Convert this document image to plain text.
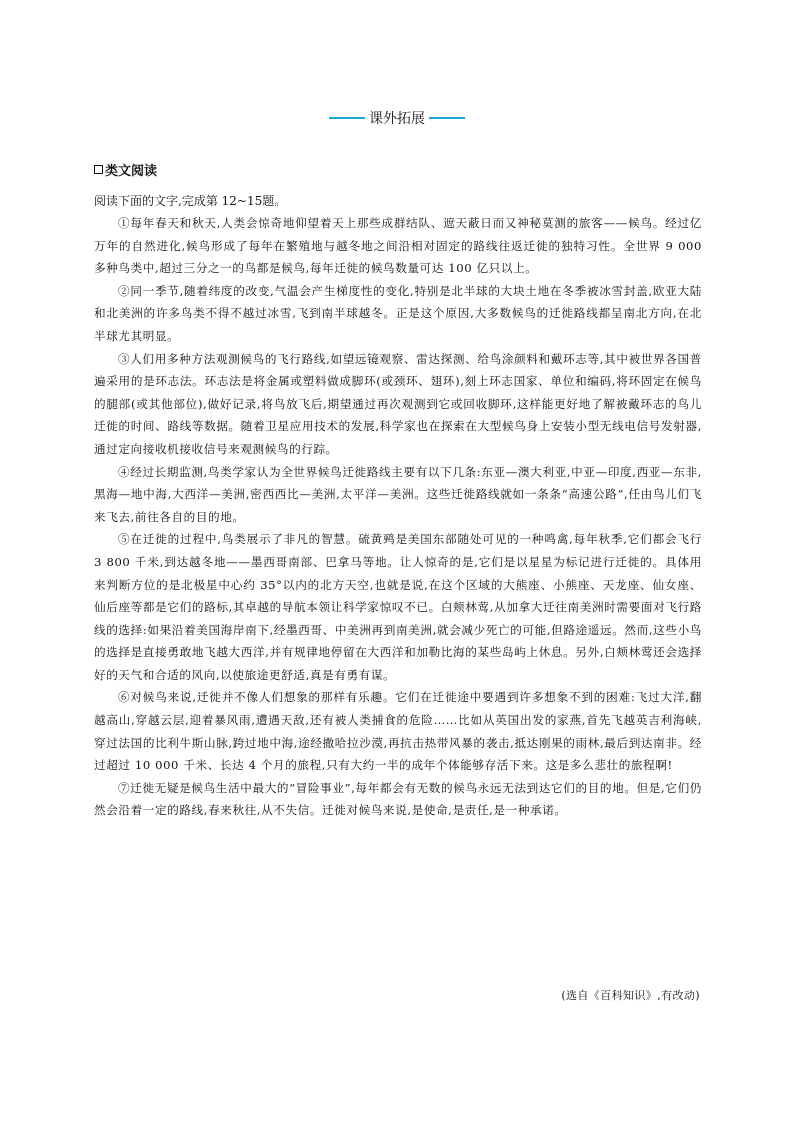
课外拓展
类文阅读
阅读下面的文字,完成第 12~15题。

①每年春天和秋天,人类会惊奇地仰望着天上那些成群结队、遮天蔽日而又神秘莫测的旅客——候鸟。经过亿万年的自然进化,候鸟形成了每年在繁殖地与越冬地之间沿相对固定的路线往返迁徙的独特习性。全世界 9 000 多种鸟类中,超过三分之一的鸟都是候鸟,每年迁徙的候鸟数量可达 100 亿只以上。

②同一季节,随着纬度的改变,气温会产生梯度性的变化,特别是北半球的大块土地在冬季被冰雪封盖,欧亚大陆和北美洲的许多鸟类不得不越过冰雪,飞到南半球越冬。正是这个原因,大多数候鸟的迁徙路线都呈南北方向,在北半球尤其明显。

③人们用多种方法观测候鸟的飞行路线,如望远镜观察、雷达探测、给鸟涂颜料和戴环志等,其中被世界各国普遍采用的是环志法。环志法是将金属或塑料做成脚环(或颈环、翅环),刻上环志国家、单位和编码,将环固定在候鸟的腿部(或其他部位),做好记录,将鸟放飞后,期望通过再次观测到它或回收脚环,这样能更好地了解被戴环志的鸟儿迁徙的时间、路线等数据。随着卫星应用技术的发展,科学家也在探索在大型候鸟身上安装小型无线电信号发射器,通过定向接收机接收信号来观测候鸟的行踪。

④经过长期监测,鸟类学家认为全世界候鸟迁徙路线主要有以下几条:东亚—澳大利亚,中亚—印度,西亚—东非,黑海—地中海,大西洋—美洲,密西西比—美洲,太平洋—美洲。这些迁徙路线就如一条条“高速公路”,任由鸟儿们飞来飞去,前往各自的目的地。

⑤在迁徙的过程中,鸟类展示了非凡的智慧。硫黄鹀是美国东部随处可见的一种鸣禽,每年秋季,它们都会飞行 3 800 千米,到达越冬地——墨西哥南部、巴拿马等地。让人惊奇的是,它们是以星星为标记进行迁徙的。具体用来判断方位的是北极星中心约 35°以内的北方天空,也就是说,在这个区域的大熊座、小熊座、天龙座、仙女座、仙后座等都是它们的路标,其卓越的导航本领让科学家惊叹不已。白颊林莺,从加拿大迁往南美洲时需要面对飞行路线的选择:如果沿着美国海岸南下,经墨西哥、中美洲再到南美洲,就会减少死亡的可能,但路途遥远。然而,这些小鸟的选择是直接勇敢地飞越大西洋,并有规律地停留在大西洋和加勒比海的某些岛屿上休息。另外,白颊林莺还会选择好的天气和合适的风向,以使旅途更舒适,真是有勇有谋。

⑥对候鸟来说,迁徙并不像人们想象的那样有乐趣。它们在迁徙途中要遇到许多想象不到的困难:飞过大洋,翻越高山,穿越云层,迎着暴风雨,遭遇天敌,还有被人类捕食的危险……比如从英国出发的家燕,首先飞越英吉利海峡,穿过法国的比利牛斯山脉,跨过地中海,途经撒哈拉沙漠,再抗击热带风暴的袭击,抵达刚果的雨林,最后到达南非。经过超过 10 000 千米、长达 4 个月的旅程,只有大约一半的成年个体能够存活下来。这是多么悲壮的旅程啊!

⑦迁徙无疑是候鸟生活中最大的“冒险事业”,每年都会有无数的候鸟永远无法到达它们的目的地。但是,它们仍然会沿着一定的路线,春来秋往,从不失信。迁徙对候鸟来说,是使命,是责任,是一种承诺。

(选自《百科知识》,有改动)
